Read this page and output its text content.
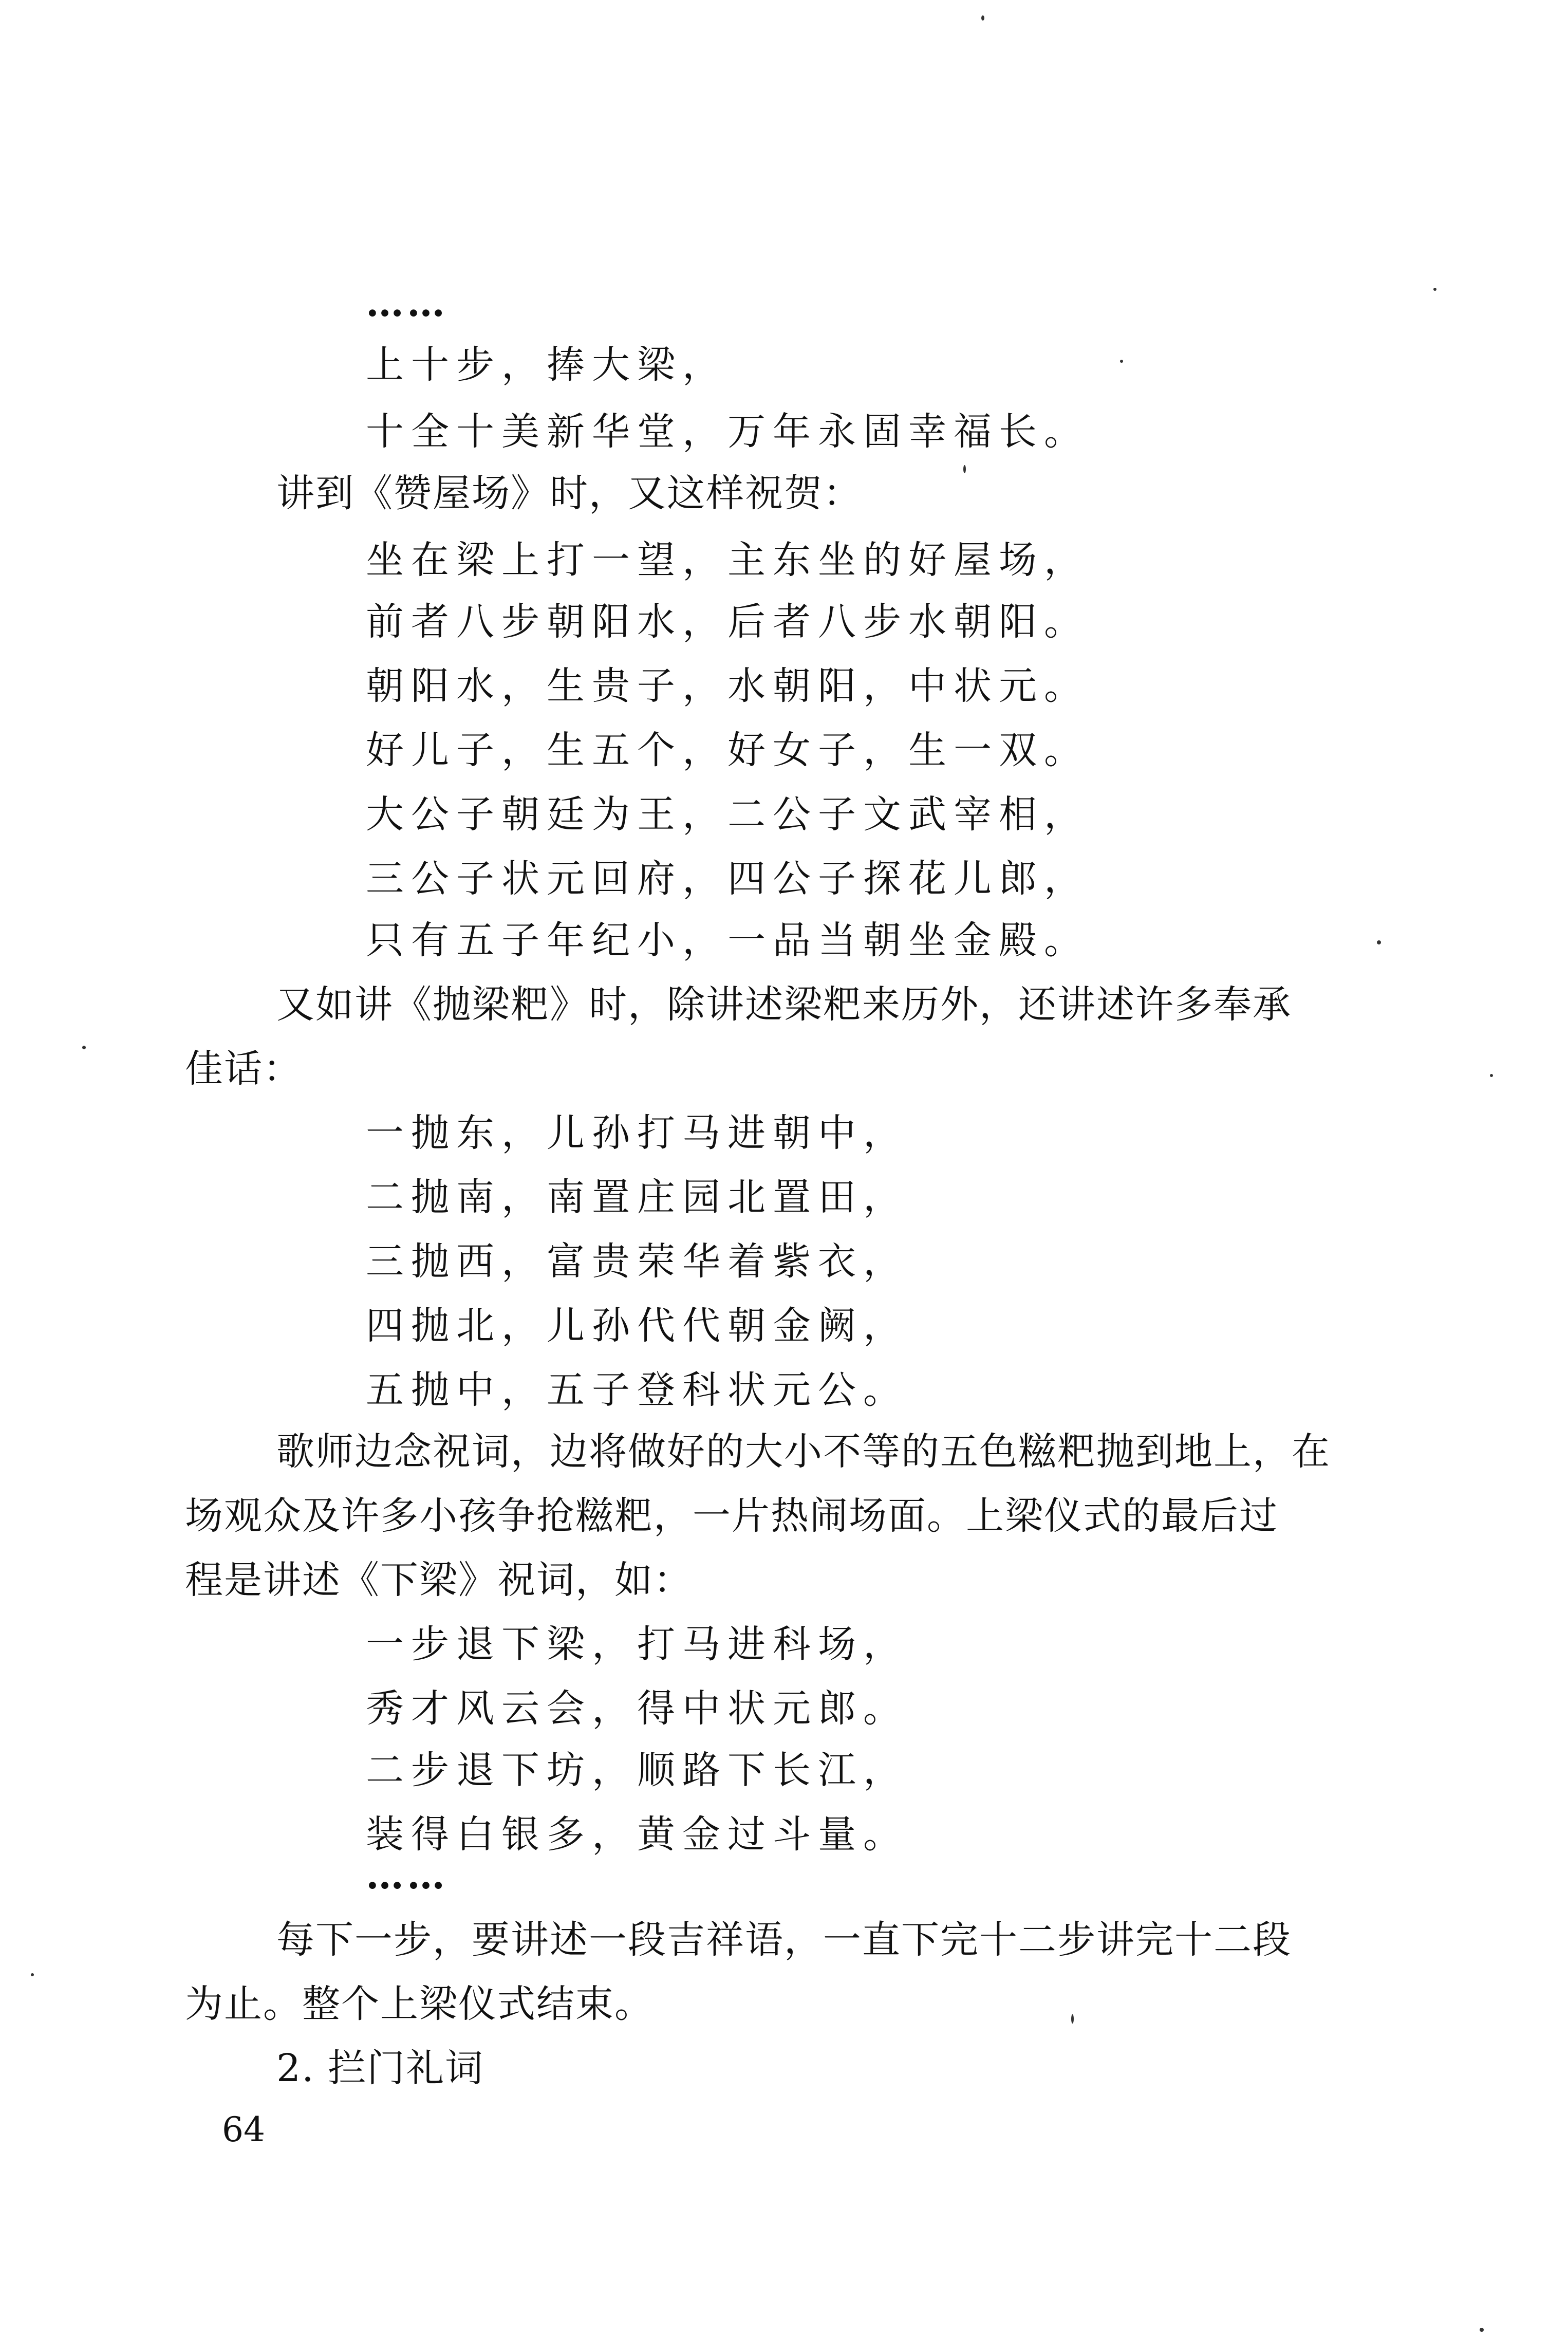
……

上十步，捧大梁，

十全十美新华堂，万年永固幸福长。

讲到《赞屋场》时，又这样祝贺：

坐在梁上打一望，主东坐的好屋场，

前者八步朝阳水，后者八步水朝阳。

朝阳水，生贵子，水朝阳，中状元。

好儿子，生五个，好女子，生一双。

大公子朝廷为王，二公子文武宰相，

三公子状元回府，四公子探花儿郎，

只有五子年纪小，一品当朝坐金殿。

又如讲《抛梁粑》时，除讲述梁粑来历外，还讲述许多奉承

佳话：

一抛东，儿孙打马进朝中，

二抛南，南置庄园北置田，

三抛西，富贵荣华着紫衣，

四抛北，儿孙代代朝金阙，

五抛中，五子登科状元公。

歌师边念祝词，边将做好的大小不等的五色糍粑抛到地上，在

场观众及许多小孩争抢糍粑，一片热闹场面。上梁仪式的最后过

程是讲述《下梁》祝词，如：

一步退下梁，打马进科场，

秀才风云会，得中状元郎。

二步退下坊，顺路下长江，

装得白银多，黄金过斗量。

……

每下一步，要讲述一段吉祥语，一直下完十二步讲完十二段

为止。整个上梁仪式结束。

2. 拦门礼词

64
